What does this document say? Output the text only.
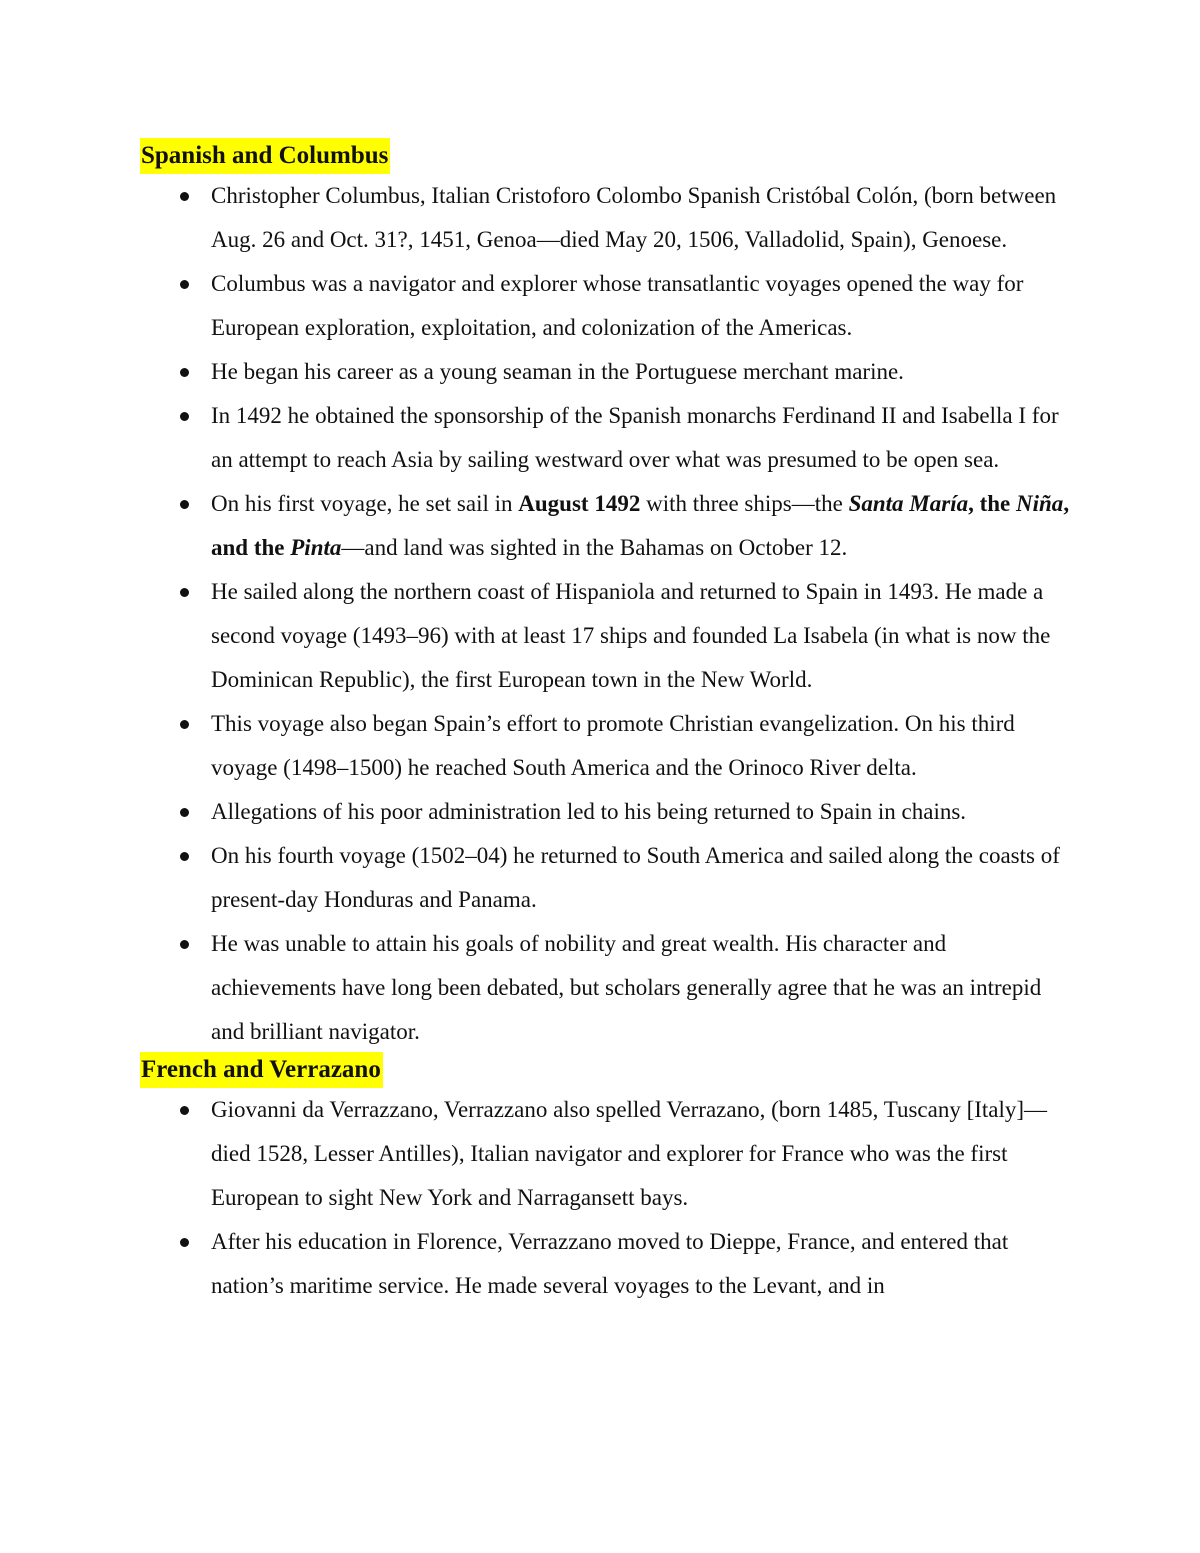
Spanish and Columbus
Christopher Columbus, Italian Cristoforo Colombo Spanish Cristóbal Colón, (born between Aug. 26 and Oct. 31?, 1451, Genoa—died May 20, 1506, Valladolid, Spain), Genoese.
Columbus was a navigator and explorer whose transatlantic voyages opened the way for European exploration, exploitation, and colonization of the Americas.
He began his career as a young seaman in the Portuguese merchant marine.
In 1492 he obtained the sponsorship of the Spanish monarchs Ferdinand II and Isabella I for an attempt to reach Asia by sailing westward over what was presumed to be open sea.
On his first voyage, he set sail in August 1492 with three ships—the Santa María, the Niña, and the Pinta—and land was sighted in the Bahamas on October 12.
He sailed along the northern coast of Hispaniola and returned to Spain in 1493. He made a second voyage (1493–96) with at least 17 ships and founded La Isabela (in what is now the Dominican Republic), the first European town in the New World.
This voyage also began Spain’s effort to promote Christian evangelization. On his third voyage (1498–1500) he reached South America and the Orinoco River delta.
Allegations of his poor administration led to his being returned to Spain in chains.
On his fourth voyage (1502–04) he returned to South America and sailed along the coasts of present-day Honduras and Panama.
He was unable to attain his goals of nobility and great wealth. His character and achievements have long been debated, but scholars generally agree that he was an intrepid and brilliant navigator.
French and Verrazano
Giovanni da Verrazzano, Verrazzano also spelled Verrazano, (born 1485, Tuscany [Italy]—died 1528, Lesser Antilles), Italian navigator and explorer for France who was the first European to sight New York and Narragansett bays.
After his education in Florence, Verrazzano moved to Dieppe, France, and entered that nation’s maritime service. He made several voyages to the Levant, and in
